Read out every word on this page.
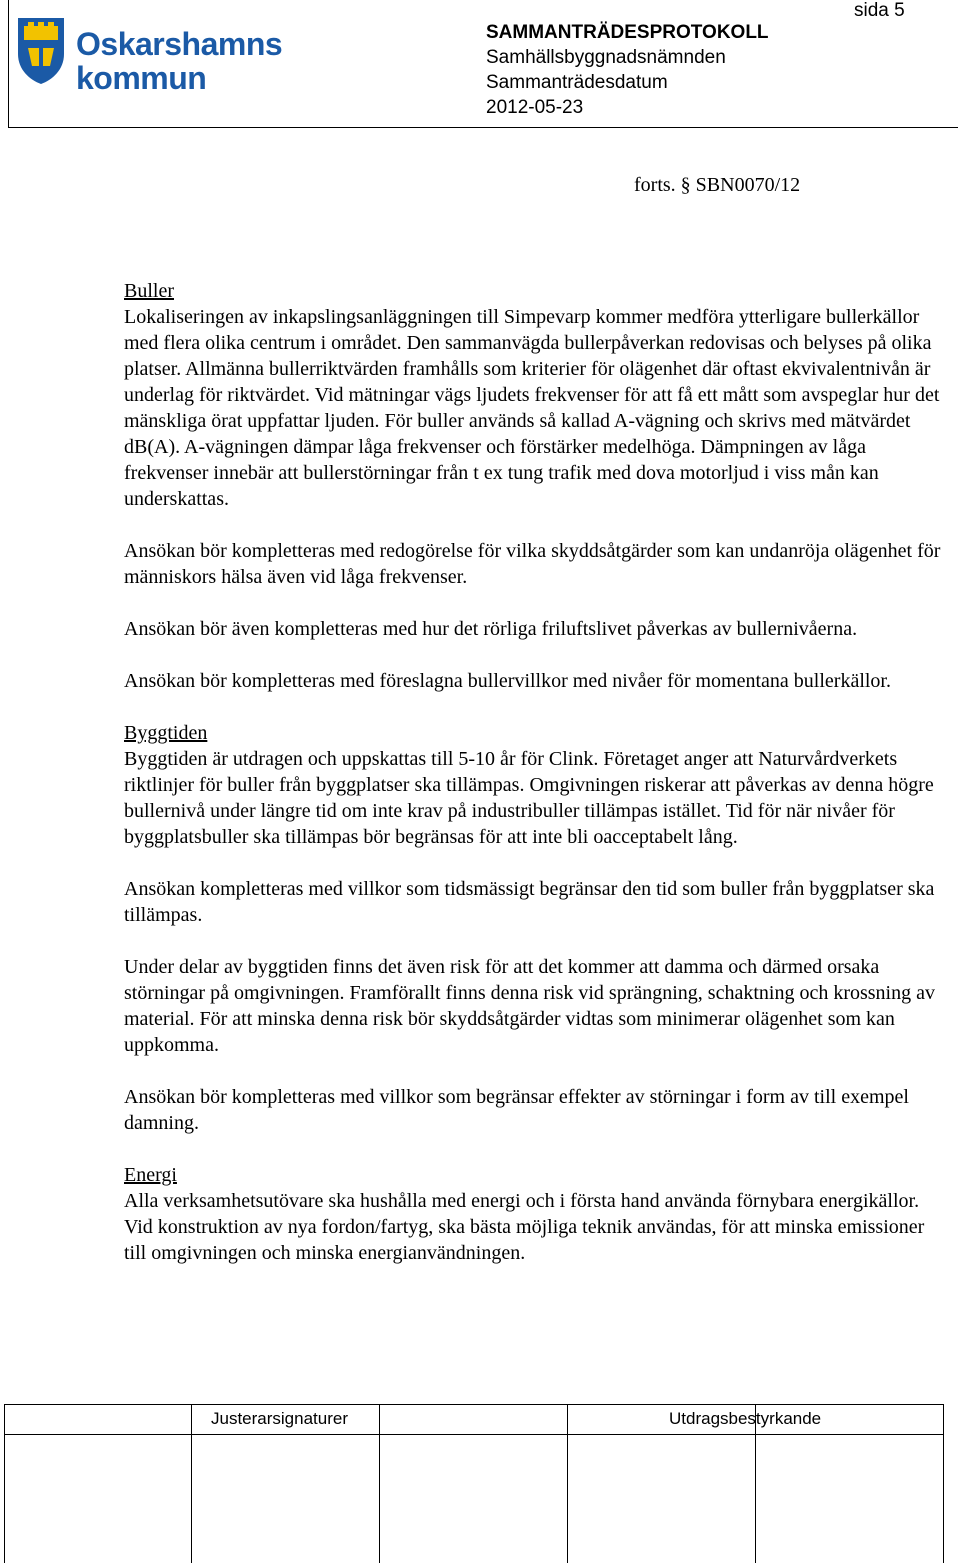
Oskarshamns
kommun
sida 5
SAMMANTRÄDESPROTOKOLL
Samhällsbyggnadsnämnden
Sammanträdesdatum
2012-05-23
forts. § SBN0070/12

Buller
Lokaliseringen av inkapslingsanläggningen till Simpevarp kommer medföra ytterligare bullerkällor med flera olika centrum i området. Den sammanvägda bullerpåverkan redovisas och belyses på olika platser. Allmänna bullerriktvärden framhålls som kriterier för olägenhet där oftast ekvivalentnivån är underlag för riktvärdet. Vid mätningar vägs ljudets frekvenser för att få ett mått som avspeglar hur det mänskliga örat uppfattar ljuden. För buller används så kallad A-vägning och skrivs med mätvärdet dB(A). A-vägningen dämpar låga frekvenser och förstärker medelhöga. Dämpningen av låga frekvenser innebär att bullerstörningar från t ex tung trafik med dova motorljud i viss mån kan underskattas.

Ansökan bör kompletteras med redogörelse för vilka skyddsåtgärder som kan undanröja olägenhet för människors hälsa även vid låga frekvenser.

Ansökan bör även kompletteras med hur det rörliga friluftslivet påverkas av bullernivåerna.

Ansökan bör kompletteras med föreslagna bullervillkor med nivåer för momentana bullerkällor.

Byggtiden
Byggtiden är utdragen och uppskattas till 5-10 år för Clink. Företaget anger att Naturvårdverkets riktlinjer för buller från byggplatser ska tillämpas. Omgivningen riskerar att påverkas av denna högre bullernivå under längre tid om inte krav på industribuller tillämpas istället. Tid för när nivåer för byggplatsbuller ska tillämpas bör begränsas för att inte bli oacceptabelt lång.

Ansökan kompletteras med villkor som tidsmässigt begränsar den tid som buller från byggplatser ska tillämpas.

Under delar av byggtiden finns det även risk för att det kommer att damma och därmed orsaka störningar på omgivningen. Framförallt finns denna risk vid sprängning, schaktning och krossning av material. För att minska denna risk bör skyddsåtgärder vidtas som minimerar olägenhet som kan uppkomma.

Ansökan bör kompletteras med villkor som begränsar effekter av störningar i form av till exempel damning.

Energi
Alla verksamhetsutövare ska hushålla med energi och i första hand använda förnybara energikällor. Vid konstruktion av nya fordon/fartyg, ska bästa möjliga teknik användas, för att minska emissioner till omgivningen och minska energianvändningen.

Justerarsignaturer	Utdragsbestyrkande
